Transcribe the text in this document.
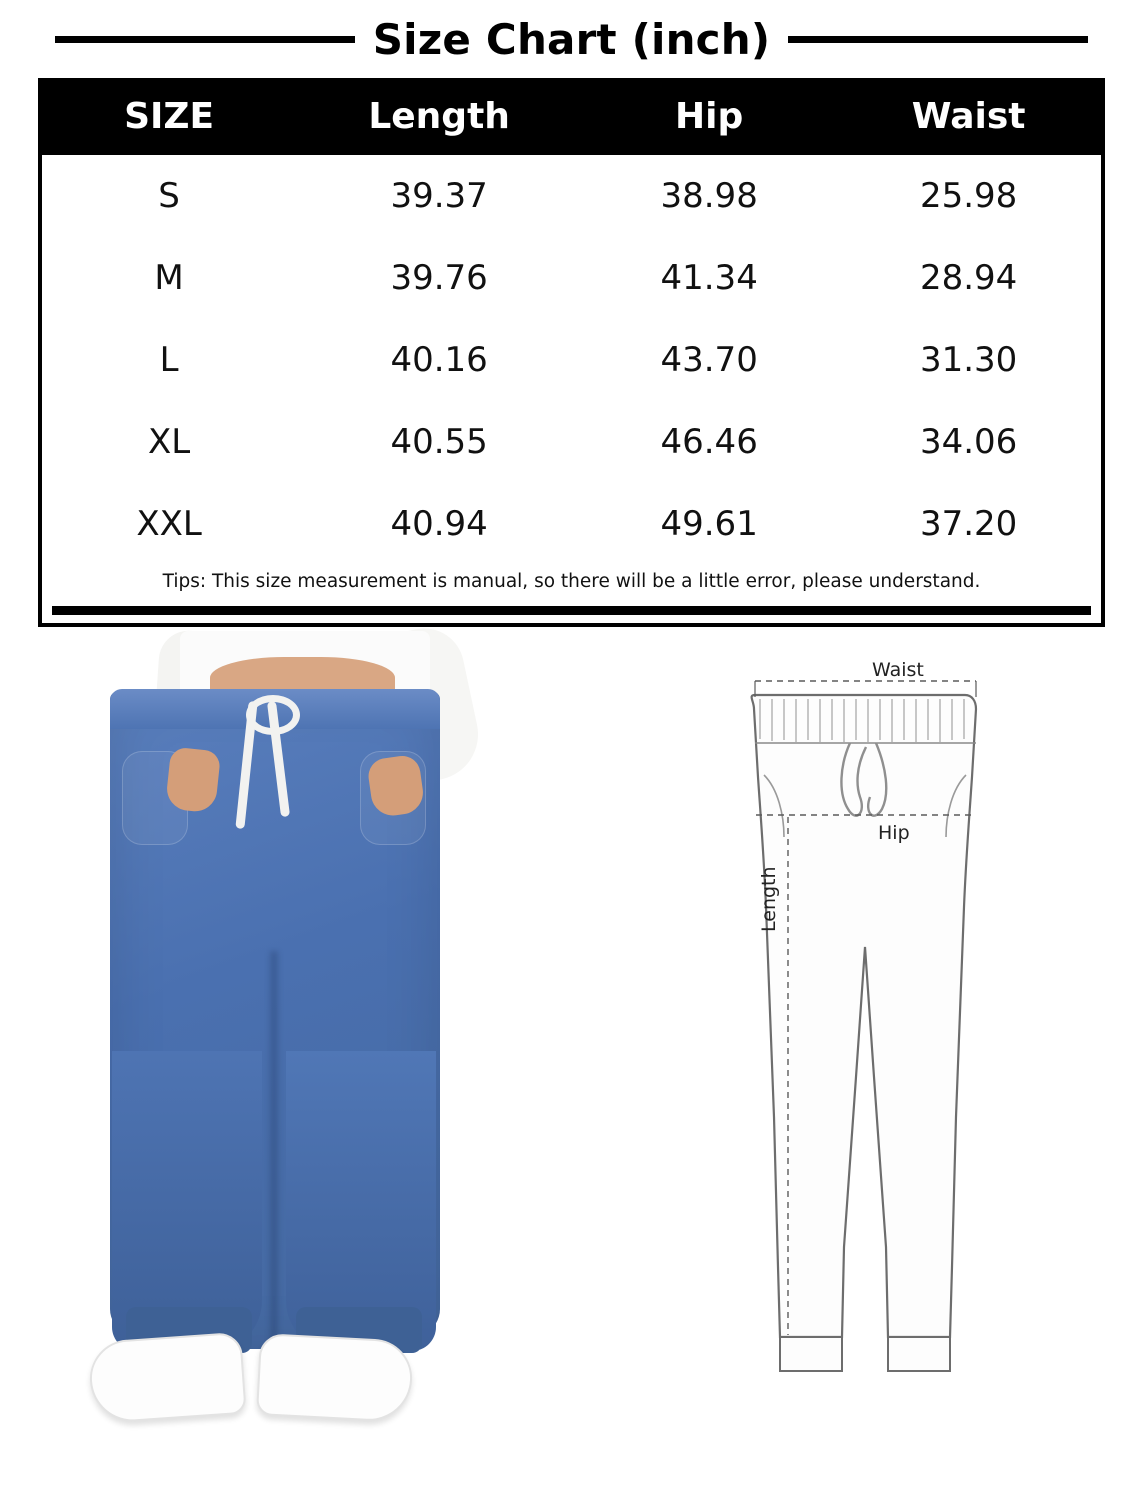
Size Chart (inch)
SIZE	Length	Hip	Waist
S	39.37	38.98	25.98
M	39.76	41.34	28.94
L	40.16	43.70	31.30
XL	40.55	46.46	34.06
XXL	40.94	49.61	37.20
Tips: This size measurement is manual, so there will be a little error, please understand.			
Waist
Hip
Length
